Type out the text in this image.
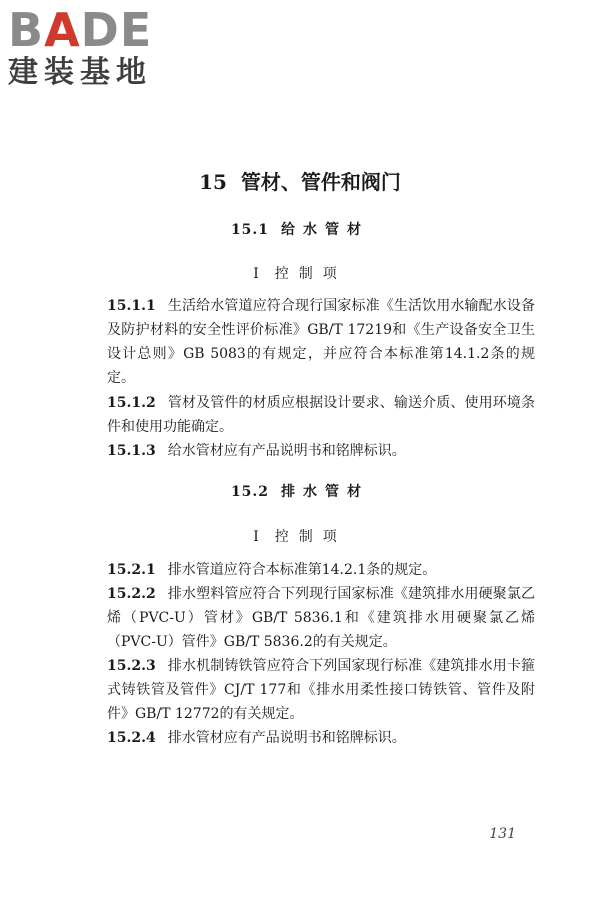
BADE
建装基地
15 管材、管件和阀门
15.1 给水管材
Ⅰ 控制项
15.1.1 生活给水管道应符合现行国家标准《生活饮用水输配水设备及防护材料的安全性评价标准》GB/T 17219和《生产设备安全卫生设计总则》GB 5083的有规定，并应符合本标准第14.1.2条的规定。
15.1.2 管材及管件的材质应根据设计要求、输送介质、使用环境条件和使用功能确定。
15.1.3 给水管材应有产品说明书和铭牌标识。
15.2 排水管材
Ⅰ 控制项
15.2.1 排水管道应符合本标准第14.2.1条的规定。
15.2.2 排水塑料管应符合下列现行国家标准《建筑排水用硬聚氯乙烯（PVC-U）管材》GB/T 5836.1和《建筑排水用硬聚氯乙烯（PVC-U）管件》GB/T 5836.2的有关规定。
15.2.3 排水机制铸铁管应符合下列国家现行标准《建筑排水用卡箍式铸铁管及管件》CJ/T 177和《排水用柔性接口铸铁管、管件及附件》GB/T 12772的有关规定。
15.2.4 排水管材应有产品说明书和铭牌标识。
131
